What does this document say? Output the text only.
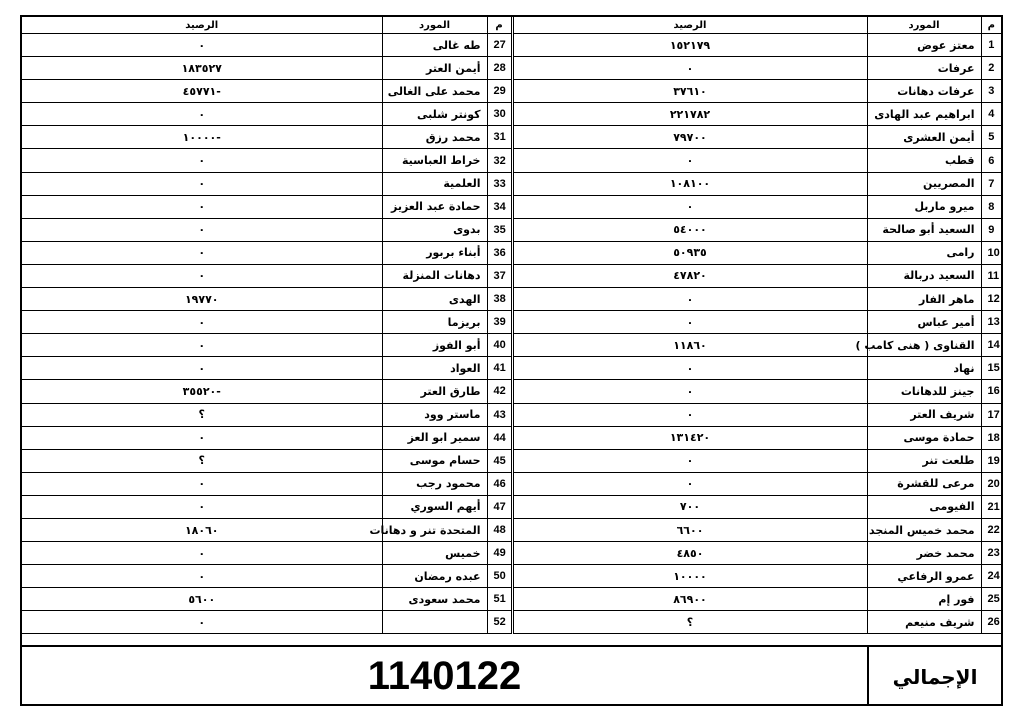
الرصيد	المورد	م	الرصيد	المورد	م
٠	طه غالى	27	١٥٢١٧٩	معتز عوض	1
١٨٣٥٢٧	أيمن العتر	28	٠	عرفات	2
-٤٥٧٧١	محمد على الغالى	29	٣٧٦١٠	عرفات دهانات	3
٠	كونتر شلبى	30	٢٢١٧٨٢	ابراهيم عبد الهادى	4
-١٠٠٠٠	محمد رزق	31	٧٩٧٠٠	أيمن العشرى	5
٠	خراط العباسية	32	٠	قطب	6
٠	العلمية	33	١٠٨١٠٠	المصريين	7
٠	حمادة عبد العزيز	34	٠	ميرو ماربل	8
٠	بدوى	35	٥٤٠٠٠	السعيد أبو صالحة	9
٠	أبناء بربور	36	٥٠٩٣٥	رامى	10
٠	دهانات المنزلة	37	٤٧٨٢٠	السعيد دربالة	11
١٩٧٧٠	الهدى	38	٠	ماهر الفار	12
٠	بريزما	39	٠	أمير عباس	13
٠	أبو الفوز	40	١١٨٦٠	القناوى ( هنى كامب )	14
٠	العواد	41	٠	نهاد	15
-٣٥٥٢٠	طارق العتر	42	٠	جينز للدهانات	16
؟	ماستر وود	43	٠	شريف العتر	17
٠	سمير ابو العز	44	١٣١٤٢٠	حمادة موسى	18
؟	حسام موسى	45	٠	طلعت تنر	19
٠	محمود رجب	46	٠	مرعى للقشرة	20
٠	أيهم السوري	47	٧٠٠	الفيومى	21
١٨٠٦٠	المتحدة تنر و دهانات	48	٦٦٠٠	محمد خميس المنجد	22
٠	خميس	49	٤٨٥٠	محمد خضر	23
٠	عبده رمضان	50	١٠٠٠٠	عمرو الرفاعي	24
٥٦٠٠	محمد سعودى	51	٨٦٩٠٠	فور إم	25
٠		52	؟	شريف منيعم	26
1140122	الإجمالي
